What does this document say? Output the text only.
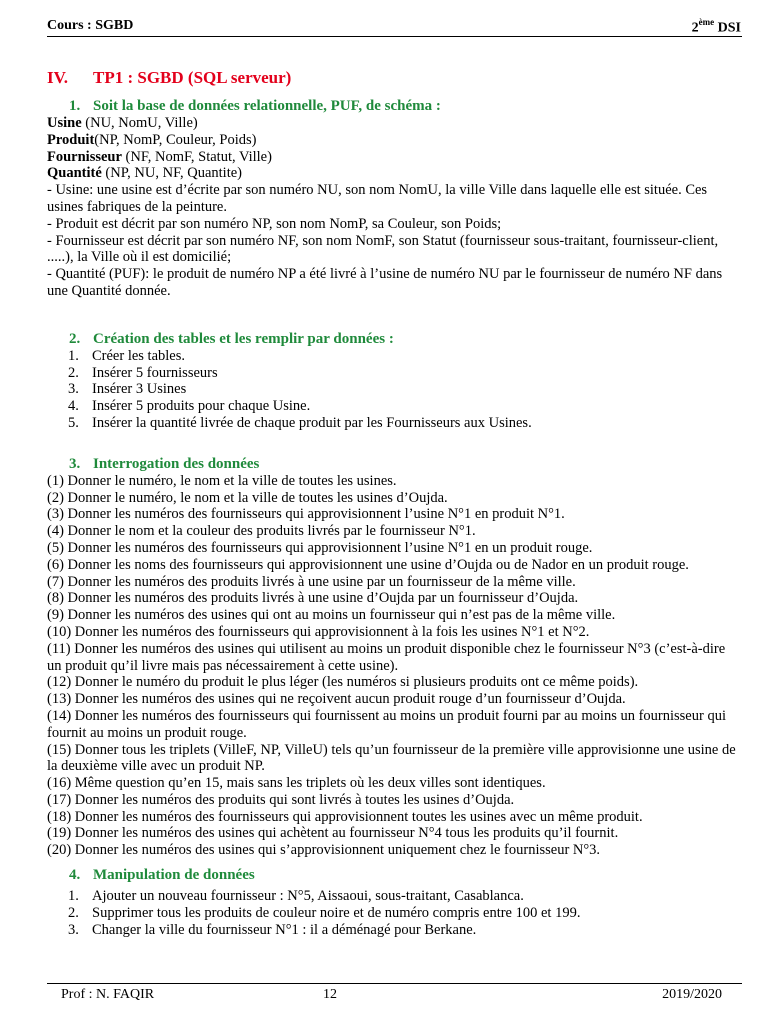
Cours : SGBD	2ème DSI
IV.	TP1 : SGBD (SQL serveur)
1. Soit la base de données relationnelle, PUF, de schéma :

Usine (NU, NomU, Ville)

Produit(NP, NomP, Couleur, Poids)

Fournisseur (NF, NomF, Statut, Ville)

Quantité (NP, NU, NF, Quantite)

- Usine: une usine est d’écrite par son numéro NU, son nom NomU, la ville Ville dans laquelle elle est située. Ces usines fabriques de la peinture.

- Produit est décrit par son numéro NP, son nom NomP, sa Couleur, son Poids;

- Fournisseur est décrit par son numéro NF, son nom NomF, son Statut (fournisseur sous-traitant, fournisseur-client, .....), la Ville où il est domicilié;

- Quantité (PUF): le produit de numéro NP a été livré à l’usine de numéro NU par le fournisseur de numéro NF dans une Quantité donnée.

2. Création des tables et les remplir par données :
1. Créer les tables.
2. Insérer 5 fournisseurs
3. Insérer 3 Usines
4. Insérer 5 produits pour chaque Usine.
5. Insérer la quantité livrée de chaque produit par les Fournisseurs aux Usines.
3. Interrogation des données

(1) Donner le numéro, le nom et la ville de toutes les usines.

(2) Donner le numéro, le nom et la ville de toutes les usines d’Oujda.

(3) Donner les numéros des fournisseurs qui approvisionnent l’usine N°1 en produit N°1.

(4) Donner le nom et la couleur des produits livrés par le fournisseur N°1.

(5) Donner les numéros des fournisseurs qui approvisionnent l’usine N°1 en un produit rouge.

(6) Donner les noms des fournisseurs qui approvisionnent une usine d’Oujda ou de Nador en un produit rouge.

(7) Donner les numéros des produits livrés à une usine par un fournisseur de la même ville.

(8) Donner les numéros des produits livrés à une usine d’Oujda par un fournisseur d’Oujda.

(9) Donner les numéros des usines qui ont au moins un fournisseur qui n’est pas de la même ville.

(10) Donner les numéros des fournisseurs qui approvisionnent à la fois les usines N°1 et N°2.

(11) Donner les numéros des usines qui utilisent au moins un produit disponible chez le fournisseur N°3 (c’est-à-dire un produit qu’il livre mais pas nécessairement à cette usine).

(12) Donner le numéro du produit le plus léger (les numéros si plusieurs produits ont ce même poids).

(13) Donner les numéros des usines qui ne reçoivent aucun produit rouge d’un fournisseur d’Oujda.

(14) Donner les numéros des fournisseurs qui fournissent au moins un produit fourni par au moins un fournisseur qui fournit au moins un produit rouge.

(15) Donner tous les triplets (VilleF, NP, VilleU) tels qu’un fournisseur de la première ville approvisionne une usine de la deuxième ville avec un produit NP.

(16) Même question qu’en 15, mais sans les triplets où les deux villes sont identiques.

(17) Donner les numéros des produits qui sont livrés à toutes les usines d’Oujda.

(18) Donner les numéros des fournisseurs qui approvisionnent toutes les usines avec un même produit.

(19) Donner les numéros des usines qui achètent au fournisseur N°4 tous les produits qu’il fournit.

(20) Donner les numéros des usines qui s’approvisionnent uniquement chez le fournisseur N°3.

4. Manipulation de données
1. Ajouter un nouveau fournisseur : N°5, Aissaoui, sous-traitant, Casablanca.
2. Supprimer tous les produits de couleur noire et de numéro compris entre 100 et 199.
3. Changer la ville du fournisseur N°1 : il a déménagé pour Berkane.
Prof : N. FAQIR	12	2019/2020
